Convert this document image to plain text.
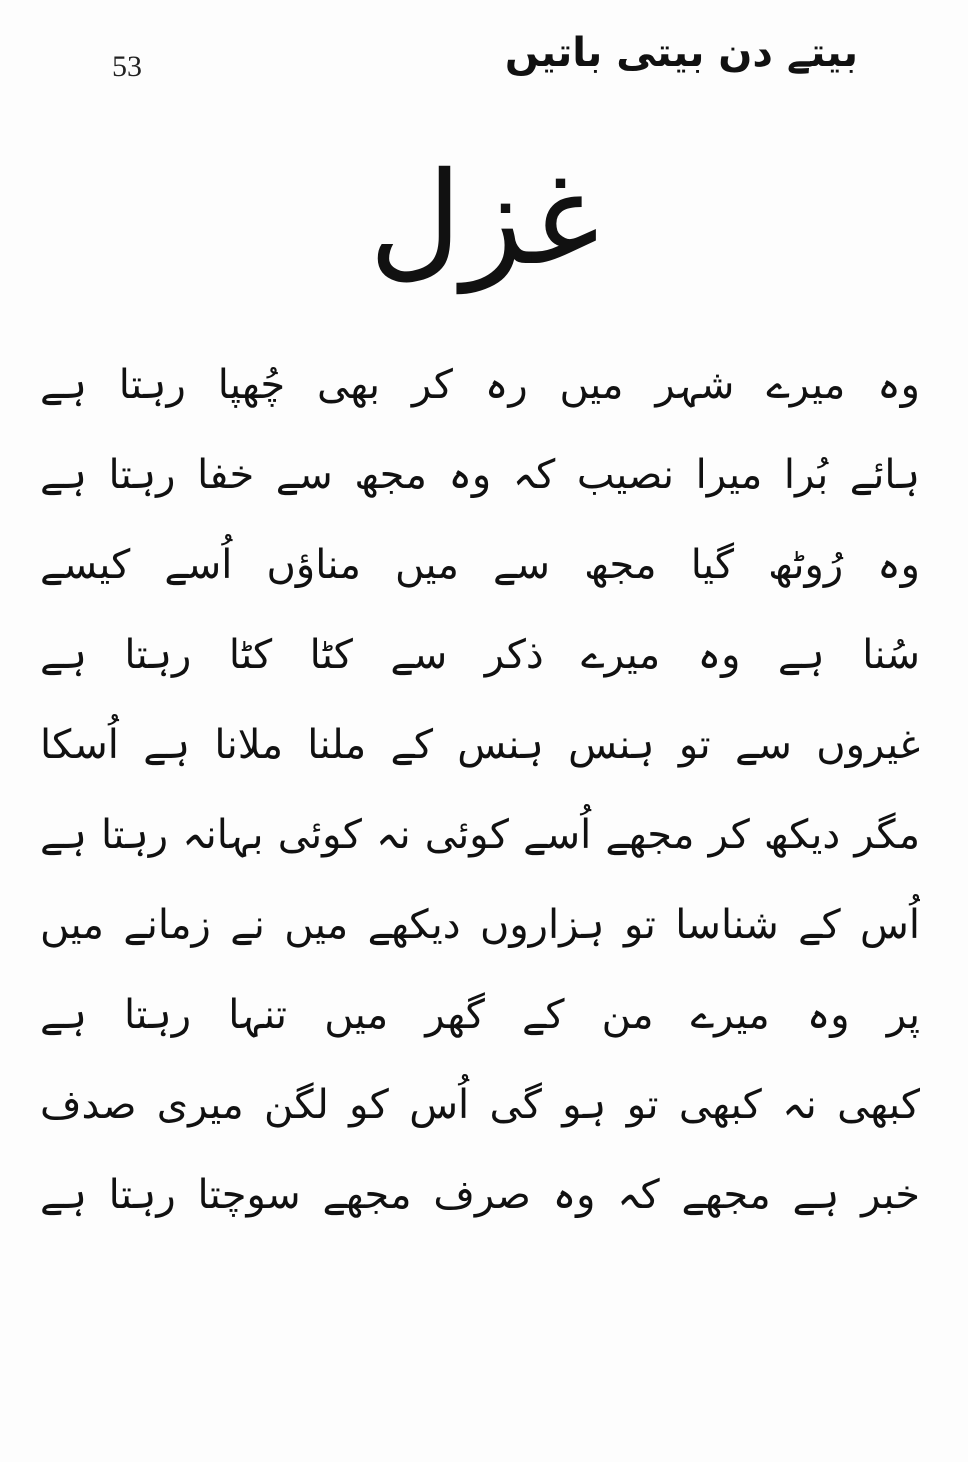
53	بیتے دن بیتی باتیں
غزل
وہ میرے شہر میں رہ کر بھی چُھپا رہتا ہے
ہائے بُرا میرا نصیب کہ وہ مجھ سے خفا رہتا ہے
وہ رُوٹھ گیا مجھ سے میں مناؤں اُسے کیسے
سُنا ہے وہ میرے ذکر سے کٹا کٹا رہتا ہے
غیروں سے تو ہنس ہنس کے ملنا ملانا ہے اُسکا
مگر دیکھ کر مجھے اُسے کوئی نہ کوئی بہانہ رہتا ہے
اُس کے شناسا تو ہزاروں دیکھے میں نے زمانے میں
پر وہ میرے من کے گھر میں تنہا رہتا ہے
کبھی نہ کبھی تو ہو گی اُس کو لگن میری صدف
خبر ہے مجھے کہ وہ صرف مجھے سوچتا رہتا ہے
